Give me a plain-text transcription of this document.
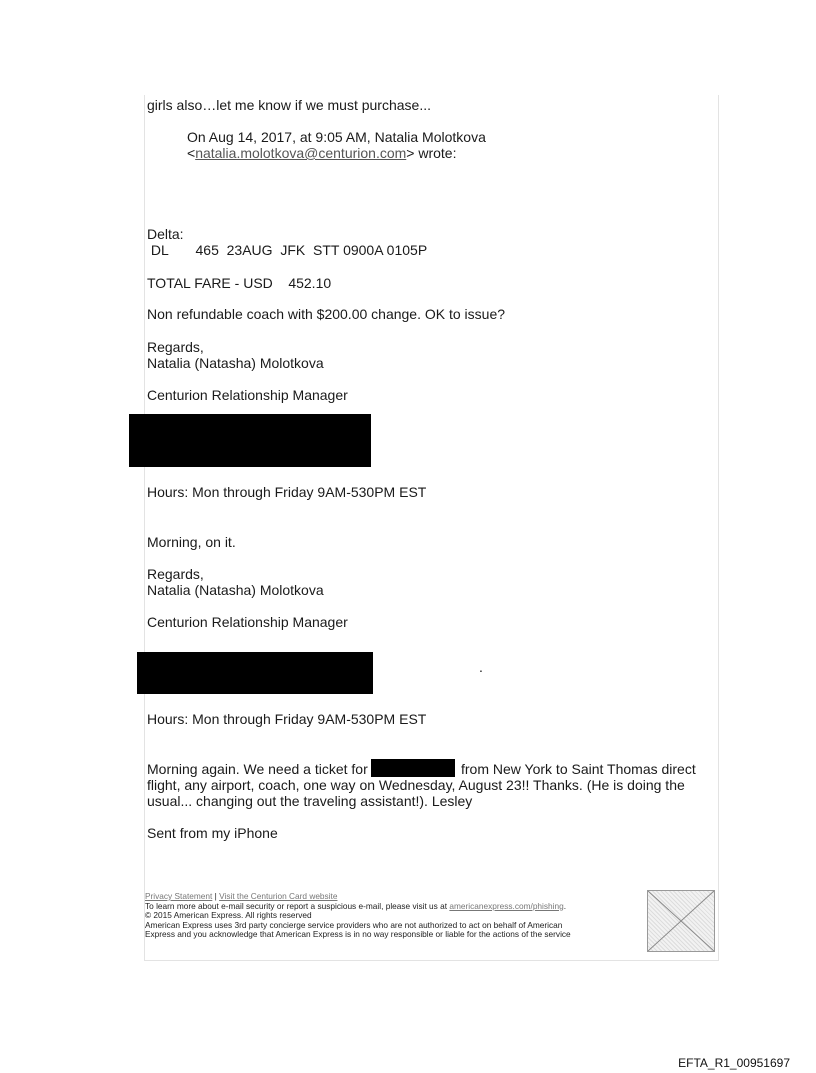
girls also…let me know if we must purchase...
On Aug 14, 2017, at 9:05 AM, Natalia Molotkova
<natalia.molotkova@centurion.com> wrote:
Delta:
DL       465  23AUG  JFK  STT 0900A 0105P
TOTAL FARE - USD    452.10
Non refundable coach with $200.00 change. OK to issue?
Regards,
Natalia (Natasha) Molotkova
Centurion Relationship Manager
Hours: Mon through Friday 9AM-530PM EST
Morning, on it.
Regards,
Natalia (Natasha) Molotkova
Centurion Relationship Manager
.
Hours: Mon through Friday 9AM-530PM EST
Morning again. We need a ticket for	from New York to Saint Thomas direct
flight, any airport, coach, one way on Wednesday, August 23!! Thanks. (He is doing the
usual... changing out the traveling assistant!). Lesley
Sent from my iPhone
Privacy Statement | Visit the Centurion Card website
To learn more about e-mail security or report a suspicious e-mail, please visit us at americanexpress.com/phishing.
© 2015 American Express. All rights reserved
American Express uses 3rd party concierge service providers who are not authorized to act on behalf of American
Express and you acknowledge that American Express is in no way responsible or liable for the actions of the service
EFTA_R1_00951697
